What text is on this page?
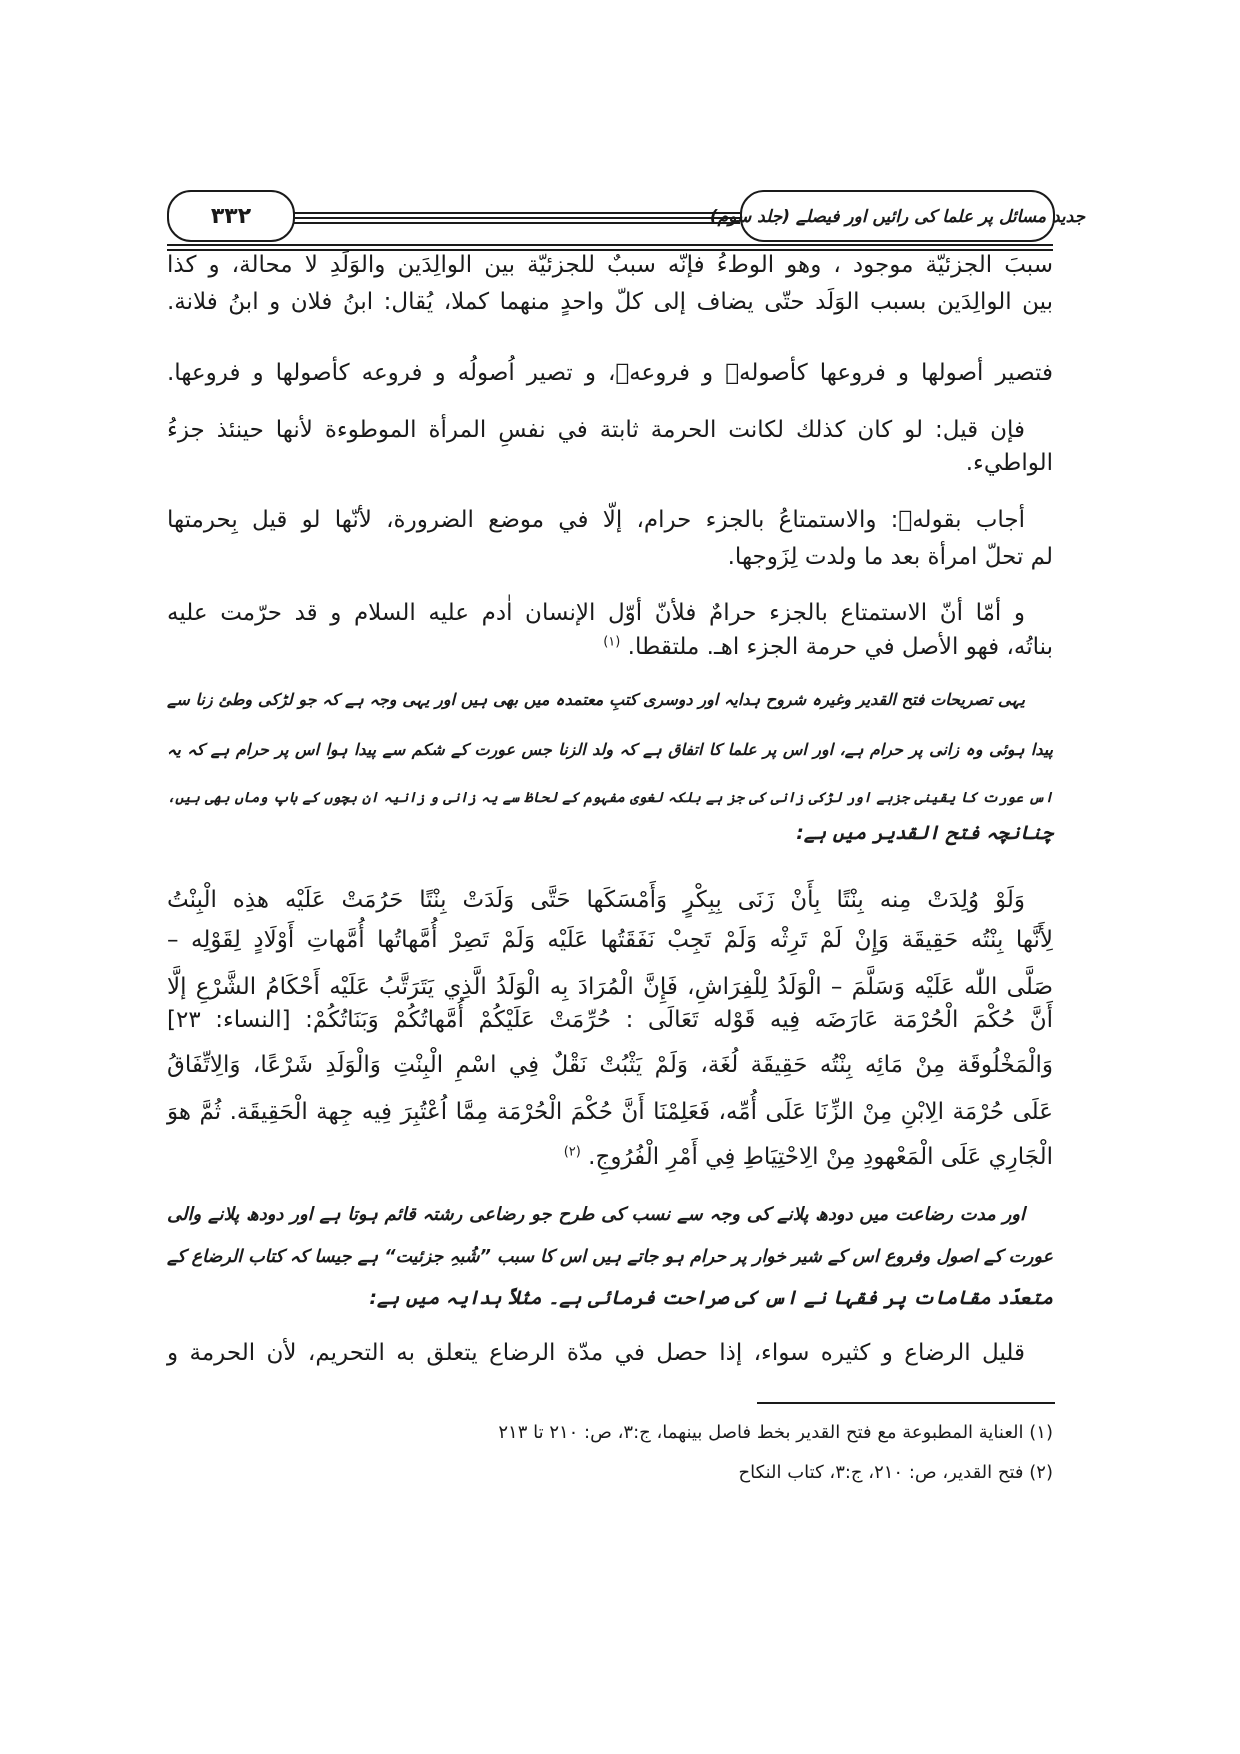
٣٣٢	جدید مسائل پر علما کی رائیں اور فیصلے (جلد سوم)
سببَ الجزئيّة موجود ، وهو الوطءُ فإنّه سببٌ للجزئيّة بين الوالِدَين والوَلَدِ لا محالة، و كذا
بين الوالِدَين بسبب الوَلَد حتّى يضاف إلى كلّ واحدٍ منهما كملا، يُقال: ابنُ فلان و ابنُ فلانة.
فتصير أصولها و فروعها كأصولهٖ و فروعهٖ، و تصير اُصولُه و فروعه كأصولها و فروعها.
فإن قيل: لو كان كذلك لكانت الحرمة ثابتة في نفسِ المرأة الموطوءة لأنها حينئذ جزءُ
الواطيء.
أجاب بقولهٖ: والاستمتاعُ بالجزء حرام، إلّا في موضع الضرورة، لأنّها لو قيل بِحرمتها
لم تحلّ امرأة بعد ما ولدت لِزَوجها.
و أمّا أنّ الاستمتاع بالجزء حرامٌ فلأنّ أوّل الإنسان اٰدم عليه السلام و قد حرّمت عليه
بناتُه، فهو الأصل في حرمة الجزء اهـ. ملتقطا. $^{(١)}$
یہی تصریحات فتح القدیر وغیرہ شروح ہدایہ اور دوسری کتبِ معتمدہ میں بھی ہیں اور یہی وجہ ہے کہ جو لڑکی وطئ زنا سے
پیدا ہوئی وہ زانی پر حرام ہے، اور اس پر علما کا اتفاق ہے کہ ولد الزنا جس عورت کے شکم سے پیدا ہوا اس پر حرام ہے کہ یہ
اس عورت کا یقینی جزہے اور لڑکی زانی کی جز ہے بلکہ لغوی مفہوم کے لحاظ سے یہ زانی و زانیہ ان بچوں کے باپ وماں بھی ہیں،
چنانچہ فتح القدیر میں ہے:
وَلَوْ وُلِدَتْ مِنه بِنْتًا بِأَنْ زَنَى بِبِكْرٍ وَأَمْسَكَها حَتَّى وَلَدَتْ بِنْتًا حَرُمَتْ عَلَيْه هذِه الْبِنْتُ
لِأَنَّها بِنْتُه حَقِيقَة وَإِنْ لَمْ تَرِثْه وَلَمْ تَجِبْ نَفَقَتُها عَلَيْه وَلَمْ تَصِرْ أُمَّهاتُها أُمَّهاتِ أَوْلَادٍ لِقَوْلِه –
صَلَّى اللّٰه عَلَيْه وَسَلَّمَ – الْوَلَدُ لِلْفِرَاشِ، فَإِنَّ الْمُرَادَ بِه الْوَلَدُ الَّذِي يَتَرَتَّبُ عَلَيْه أَحْكَامُ الشَّرْعِ إلَّا
أَنَّ حُكْمَ الْحُرْمَة عَارَضَه فِيه قَوْله تَعَالَى : حُرِّمَتْ عَلَيْكُمْ أُمَّهاتُكُمْ وَبَنَاتُكُمْ: [النساء: ٢٣]
وَالْمَخْلُوقَة مِنْ مَائِه بِنْتُه حَقِيقَة لُغَة، وَلَمْ يَثْبُتْ نَقْلٌ فِي اسْمِ الْبِنْتِ وَالْوَلَدِ شَرْعًا، وَالِاتِّفَاقُ
عَلَى حُرْمَة الِابْنِ مِنْ الزِّنَا عَلَى أُمِّه، فَعَلِمْنَا أَنَّ حُكْمَ الْحُرْمَة مِمَّا اُعْتُبِرَ فِيه جِهة الْحَقِيقَة. ثُمَّ هوَ
الْجَارِي عَلَى الْمَعْهودِ مِنْ الِاحْتِيَاطِ فِي أَمْرِ الْفُرُوجِ. $^{(٢)}$
اور مدت رضاعت میں دودھ پلانے کی وجہ سے نسب کی طرح جو رضاعی رشتہ قائم ہوتا ہے اور دودھ پلانے والی
عورت کے اصول وفروع اس کے شیر خوار پر حرام ہو جاتے ہیں اس کا سبب ”شُبہِ جزئیت“ ہے جیسا کہ کتاب الرضاع کے
متعدّد مقامات پر فقہا نے اس کی صراحت فرمائی ہے۔ مثلاً ہدایہ میں ہے:
قليل الرضاع و كثيره سواء، إذا حصل في مدّة الرضاع يتعلق به التحريم، لأن الحرمة و
(١) العناية المطبوعة مع فتح القدير بخط فاصل بينهما، ج:٣، ص: ٢١٠ تا ٢١٣
(٢) فتح القدير، ص: ٢١٠، ج:٣، كتاب النكاح
